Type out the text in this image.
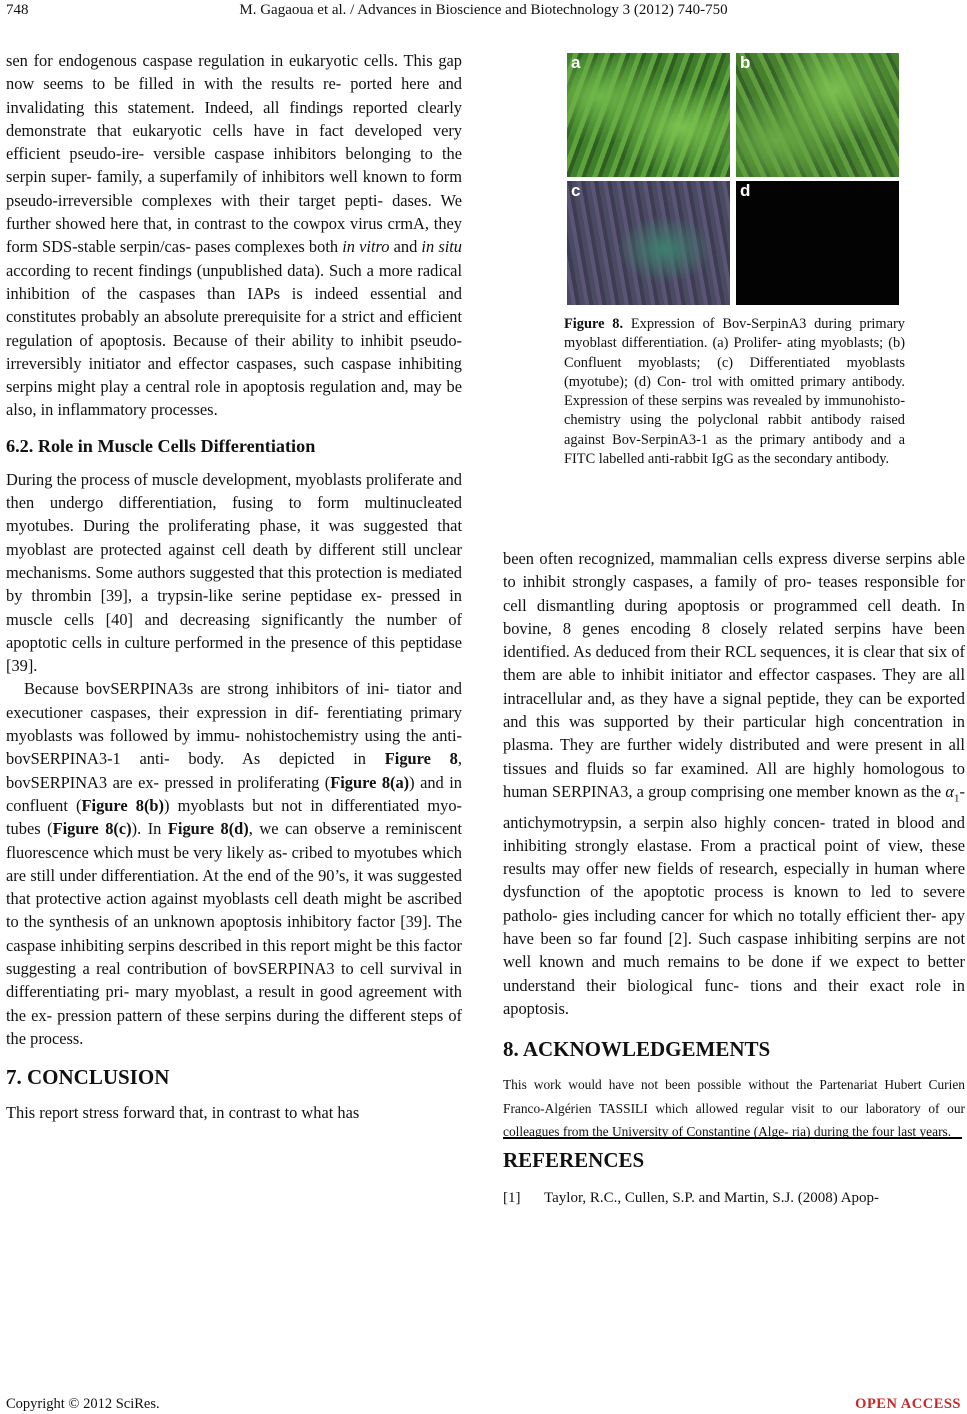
748	M. Gagaoua et al. / Advances in Bioscience and Biotechnology 3 (2012) 740-750

sen for endogenous caspase regulation in eukaryotic cells. This gap now seems to be filled in with the results re- ported here and invalidating this statement. Indeed, all findings reported clearly demonstrate that eukaryotic cells have in fact developed very efficient pseudo-ire- versible caspase inhibitors belonging to the serpin super- family, a superfamily of inhibitors well known to form pseudo-irreversible complexes with their target pepti- dases. We further showed here that, in contrast to the cowpox virus crmA, they form SDS-stable serpin/cas- pases complexes both in vitro and in situ according to recent findings (unpublished data). Such a more radical inhibition of the caspases than IAPs is indeed essential and constitutes probably an absolute prerequisite for a strict and efficient regulation of apoptosis. Because of their ability to inhibit pseudo-irreversibly initiator and effector caspases, such caspase inhibiting serpins might play a central role in apoptosis regulation and, may be also, in inflammatory processes.

6.2. Role in Muscle Cells Differentiation

During the process of muscle development, myoblasts proliferate and then undergo differentiation, fusing to form multinucleated myotubes. During the proliferating phase, it was suggested that myoblast are protected against cell death by different still unclear mechanisms. Some authors suggested that this protection is mediated by thrombin [39], a trypsin-like serine peptidase ex- pressed in muscle cells [40] and decreasing significantly the number of apoptotic cells in culture performed in the presence of this peptidase [39].

Because bovSERPINA3s are strong inhibitors of ini- tiator and executioner caspases, their expression in dif- ferentiating primary myoblasts was followed by immu- nohistochemistry using the anti-bovSERPINA3-1 anti- body. As depicted in Figure 8, bovSERPINA3 are ex- pressed in proliferating (Figure 8(a)) and in confluent (Figure 8(b)) myoblasts but not in differentiated myo- tubes (Figure 8(c)). In Figure 8(d), we can observe a reminiscent fluorescence which must be very likely as- cribed to myotubes which are still under differentiation. At the end of the 90’s, it was suggested that protective action against myoblasts cell death might be ascribed to the synthesis of an unknown apoptosis inhibitory factor [39]. The caspase inhibiting serpins described in this report might be this factor suggesting a real contribution of bovSERPINA3 to cell survival in differentiating pri- mary myoblast, a result in good agreement with the ex- pression pattern of these serpins during the different steps of the process.

7. CONCLUSION

This report stress forward that, in contrast to what has

a	b
c	d
Figure 8. Expression of Bov-SerpinA3 during primary myoblast differentiation. (a) Prolifer- ating myoblasts; (b) Confluent myoblasts; (c) Differentiated myoblasts (myotube); (d) Con- trol with omitted primary antibody. Expression of these serpins was revealed by immunohisto- chemistry using the polyclonal rabbit antibody raised against Bov-SerpinA3-1 as the primary antibody and a FITC labelled anti-rabbit IgG as the secondary antibody.

been often recognized, mammalian cells express diverse serpins able to inhibit strongly caspases, a family of pro- teases responsible for cell dismantling during apoptosis or programmed cell death. In bovine, 8 genes encoding 8 closely related serpins have been identified. As deduced from their RCL sequences, it is clear that six of them are able to inhibit initiator and effector caspases. They are all intracellular and, as they have a signal peptide, they can be exported and this was supported by their particular high concentration in plasma. They are further widely distributed and were present in all tissues and fluids so far examined. All are highly homologous to human SERPINA3, a group comprising one member known as the $\alpha_1$-antichymotrypsin, a serpin also highly concen- trated in blood and inhibiting strongly elastase. From a practical point of view, these results may offer new fields of research, especially in human where dysfunction of the apoptotic process is known to led to severe patholo- gies including cancer for which no totally efficient ther- apy have been so far found [2]. Such caspase inhibiting serpins are not well known and much remains to be done if we expect to better understand their biological func- tions and their exact role in apoptosis.

8. ACKNOWLEDGEMENTS

This work would have not been possible without the Partenariat Hubert Curien Franco-Algérien TASSILI which allowed regular visit to our laboratory of our colleagues from the University of Constantine (Alge- ria) during the four last years.

REFERENCES
[1] Taylor, R.C., Cullen, S.P. and Martin, S.J. (2008) Apop-
Copyright © 2012 SciRes.	OPEN ACCESS
